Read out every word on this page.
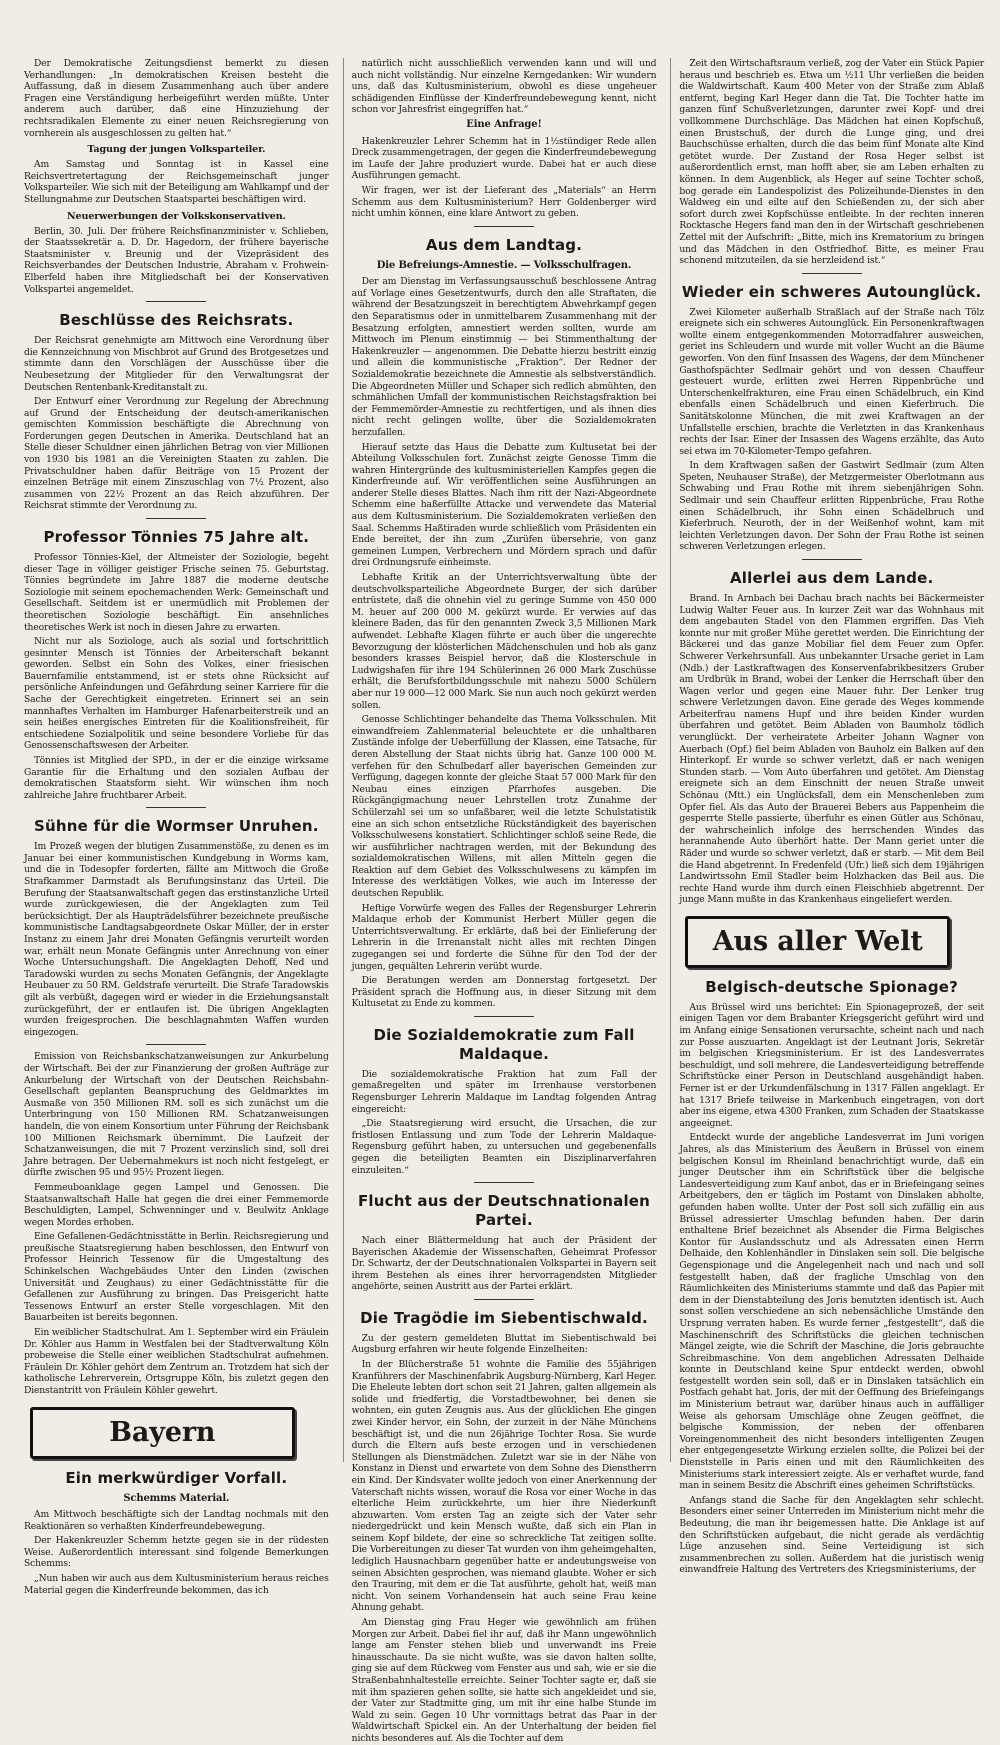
Der Demokratische Zeitungsdienst bemerkt zu diesen Verhandlungen: „In demokratischen Kreisen besteht die Auffassung, daß in diesem Zusammenhang auch über andere Fragen eine Verständigung herbeigeführt werden müßte. Unter anderem auch darüber, daß eine Hinzuziehung der rechtsradikalen Elemente zu einer neuen Reichsregierung von vornherein als ausgeschlossen zu gelten hat.“

Tagung der jungen Volksparteiler.

Am Samstag und Sonntag ist in Kassel eine Reichsvertretertagung der Reichsgemeinschaft junger Volksparteiler. Wie sich mit der Beteiligung am Wahlkampf und der Stellungnahme zur Deutschen Staatspartei beschäftigen wird.

Neuerwerbungen der Volkskonservativen.

Berlin, 30. Juli. Der frühere Reichsfinanzminister v. Schlieben, der Staatssekretär a. D. Dr. Hagedorn, der frühere bayerische Staatsminister v. Breunig und der Vizepräsident des Reichsverbandes der Deutschen Industrie, Abraham v. Frohwein-Elberfeld haben ihre Mitgliedschaft bei der Konservativen Volkspartei angemeldet.

Beschlüsse des Reichsrats.

Der Reichsrat genehmigte am Mittwoch eine Verordnung über die Kennzeichnung von Mischbrot auf Grund des Brotgesetzes und stimmte dann den Vorschlägen der Ausschüsse über die Neubesetzung der Mitglieder für den Verwaltungsrat der Deutschen Rentenbank-Kreditanstalt zu.

Der Entwurf einer Verordnung zur Regelung der Abrechnung auf Grund der Entscheidung der deutsch-amerikanischen gemischten Kommission beschäftigte die Abrechnung von Forderungen gegen Deutschen in Amerika. Deutschland hat an Stelle dieser Schuldner einen jährlichen Betrag von vier Millionen von 1930 bis 1981 an die Vereinigten Staaten zu zahlen. Die Privatschuldner haben dafür Beiträge von 15 Prozent der einzelnen Beträge mit einem Zinszuschlag von 7½ Prozent, also zusammen von 22½ Prozent an das Reich abzuführen. Der Reichsrat stimmte der Verordnung zu.

Professor Tönnies 75 Jahre alt.

Professor Tönnies-Kiel, der Altmeister der Soziologie, begeht dieser Tage in völliger geistiger Frische seinen 75. Geburtstag. Tönnies begründete im Jahre 1887 die moderne deutsche Soziologie mit seinem epochemachenden Werk: Gemeinschaft und Gesellschaft. Seitdem ist er unermüdlich mit Problemen der theoretischen Soziologie beschäftigt. Ein ansehnliches theoretisches Werk ist noch in diesen Jahre zu erwarten.

Nicht nur als Soziologe, auch als sozial und fortschrittlich gesinnter Mensch ist Tönnies der Arbeiterschaft bekannt geworden. Selbst ein Sohn des Volkes, einer friesischen Bauernfamilie entstammend, ist er stets ohne Rücksicht auf persönliche Anfeindungen und Gefährdung seiner Karriere für die Sache der Gerechtigkeit eingetreten. Erinnert sei an sein mannhaftes Verhalten im Hamburger Hafenarbeiterstreik und an sein heißes energisches Eintreten für die Koalitionsfreiheit, für entschiedene Sozialpolitik und seine besondere Vorliebe für das Genossenschaftswesen der Arbeiter.

Tönnies ist Mitglied der SPD., in der er die einzige wirksame Garantie für die Erhaltung und den sozialen Aufbau der demokratischen Staatsform sieht. Wir wünschen ihm noch zahlreiche Jahre fruchtbarer Arbeit.

Sühne für die Wormser Unruhen.

Im Prozeß wegen der blutigen Zusammenstöße, zu denen es im Januar bei einer kommunistischen Kundgebung in Worms kam, und die in Todesopfer forderten, fällte am Mittwoch die Große Strafkammer Darmstadt als Berufungsinstanz das Urteil. Die Berufung der Staatsanwaltschaft gegen das erstinstanzliche Urteil wurde zurückgewiesen, die der Angeklagten zum Teil berücksichtigt. Der als Haupträdelsführer bezeichnete preußische kommunistische Landtagsabgeordnete Oskar Müller, der in erster Instanz zu einem Jahr drei Monaten Gefängnis verurteilt worden war, erhält neun Monate Gefängnis unter Anrechnung von einer Woche Untersuchungshaft. Die Angeklagten Dehoff, Ned und Taradowski wurden zu sechs Monaten Gefängnis, der Angeklagte Heubauer zu 50 RM. Geldstrafe verurteilt. Die Strafe Taradowskis gilt als verbüßt, dagegen wird er wieder in die Erziehungsanstalt zurückgeführt, der er entlaufen ist. Die übrigen Angeklagten wurden freigesprochen. Die beschlagnahmten Waffen wurden eingezogen.

Emission von Reichsbankschatzanweisungen zur Ankurbelung der Wirtschaft. Bei der zur Finanzierung der großen Aufträge zur Ankurbelung der Wirtschaft von der Deutschen Reichsbahn-Gesellschaft geplanten Beanspruchung des Geldmarktes im Ausmaße von 350 Millionen RM. soll es sich zunächst um die Unterbringung von 150 Millionen RM. Schatzanweisungen handeln, die von einem Konsortium unter Führung der Reichsbank 100 Millionen Reichsmark übernimmt. Die Laufzeit der Schatzanweisungen, die mit 7 Prozent verzinslich sind, soll drei Jahre betragen. Der Uebernahmekurs ist noch nicht festgelegt, er dürfte zwischen 95 und 95½ Prozent liegen.

Femmeuboanklage gegen Lampel und Genossen. Die Staatsanwaltschaft Halle hat gegen die drei einer Femmemorde Beschuldigten, Lampel, Schwenninger und v. Beulwitz Anklage wegen Mordes erhoben.

Eine Gefallenen-Gedächtnisstätte in Berlin. Reichsregierung und preußische Staatsregierung haben beschlossen, den Entwurf von Professor Heinrich Tessenow für die Umgestaltung des Schinkelschen Wachgebäudes Unter den Linden (zwischen Universität und Zeughaus) zu einer Gedächtnisstätte für die Gefallenen zur Ausführung zu bringen. Das Preisgericht hatte Tessenows Entwurf an erster Stelle vorgeschlagen. Mit den Bauarbeiten ist bereits begonnen.

Ein weiblicher Stadtschulrat. Am 1. September wird ein Fräulein Dr. Köhler aus Hamm in Westfalen bei der Stadtverwaltung Köln probeweise die Stelle einer weiblichen Stadtschulrat aufnehmen. Fräulein Dr. Köhler gehört dem Zentrum an. Trotzdem hat sich der katholische Lehrerverein, Ortsgruppe Köln, bis zuletzt gegen den Dienstantritt von Fräulein Köhler gewehrt.

Bayern
Ein merkwürdiger Vorfall.
Schemms Material.

Am Mittwoch beschäftigte sich der Landtag nochmals mit den Reaktionären so verhaßten Kinderfreundebewegung.

Der Hakenkreuzler Schemm hetzte gegen sie in der rüdesten Weise. Außerordentlich interessant sind folgende Bemerkungen Schemms:

„Nun haben wir auch aus dem Kultusministerium heraus reiches Material gegen die Kinderfreunde bekommen, das ich

natürlich nicht ausschließlich verwenden kann und will und auch nicht vollständig. Nur einzelne Kerngedanken: Wir wundern uns, daß das Kultusministerium, obwohl es diese ungeheuer schädigenden Einflüsse der Kinderfreundebewegung kennt, nicht schon vor Jahresfrist eingegriffen hat.“

Eine Anfrage!

Hakenkreuzler Lehrer Schemm hat in 1½stündiger Rede allen Dreck zusammengetragen, der gegen die Kinderfreundebewegung im Laufe der Jahre produziert wurde. Dabei hat er auch diese Ausführungen gemacht.

Wir fragen, wer ist der Lieferant des „Materials“ an Herrn Schemm aus dem Kultusministerium? Herr Goldenberger wird nicht umhin können, eine klare Antwort zu geben.

Aus dem Landtag.
Die Befreiungs-Amnestie. — Volksschulfragen.

Der am Dienstag im Verfassungsausschuß beschlossene Antrag auf Vorlage eines Gesetzentwurfs, durch den alle Straftaten, die während der Besatzungszeit in berechtigtem Abwehrkampf gegen den Separatismus oder in unmittelbarem Zusammenhang mit der Besatzung erfolgten, amnestiert werden sollten, wurde am Mittwoch im Plenum einstimmig — bei Stimmenthaltung der Hakenkreuzler — angenommen. Die Debatte hierzu bestritt einzig und allein die kommunistische „Fraktion“. Der Redner der Sozialdemokratie bezeichnete die Amnestie als selbstverständlich. Die Abgeordneten Müller und Schaper sich redlich abmühten, den schmählichen Umfall der kommunistischen Reichstagsfraktion bei der Femmemörder-Amnestie zu rechtfertigen, und als ihnen dies nicht recht gelingen wollte, über die Sozialdemokraten herzufallen.

Hierauf setzte das Haus die Debatte zum Kultusetat bei der Abteilung Volksschulen fort. Zunächst zeigte Genosse Timm die wahren Hintergründe des kultusministeriellen Kampfes gegen die Kinderfreunde auf. Wir veröffentlichen seine Ausführungen an anderer Stelle dieses Blattes. Nach ihm ritt der Nazi-Abgeordnete Schemm eine haßerfüllte Attacke und verwendete das Material aus dem Kultusministerium. Die Sozialdemokraten verließen den Saal. Schemms Haßtiraden wurde schließlich vom Präsidenten ein Ende bereitet, der ihn zum „Zurüfen übersehrie, von ganz gemeinen Lumpen, Verbrechern und Mördern sprach und dafür drei Ordnungsrufe einheimste.

Lebhafte Kritik an der Unterrichtsverwaltung übte der deutschvolksparteiliche Abgeordnete Burger, der sich darüber entrüstete, daß die ohnehin viel zu geringe Summe von 450 000 M. heuer auf 200 000 M. gekürzt wurde. Er verwies auf das kleinere Baden, das für den genannten Zweck 3,5 Millionen Mark aufwendet. Lebhafte Klagen führte er auch über die ungerechte Bevorzugung der klösterlichen Mädchenschulen und hob als ganz besonders krasses Beispiel hervor, daß die Klosterschule in Ludwigshafen für ihre 194 Schülerinnen 26 000 Mark Zuschüsse erhält, die Berufsfortbildungsschule mit nahezu 5000 Schülern aber nur 19 000—12 000 Mark. Sie nun auch noch gekürzt werden sollen.

Genosse Schlichtinger behandelte das Thema Volksschulen. Mit einwandfreiem Zahlenmaterial beleuchtete er die unhaltbaren Zustände infolge der Ueberfüllung der Klassen, eine Tatsache, für deren Abstellung der Staat nichts übrig hat. Ganze 100 000 M. verfehen für den Schulbedarf aller bayerischen Gemeinden zur Verfügung, dagegen konnte der gleiche Staat 57 000 Mark für den Neubau eines einzigen Pfarrhofes ausgeben. Die Rückgängigmachung neuer Lehrstellen trotz Zunahme der Schülerzahl sei um so unfaßbarer, weil die letzte Schulstatistik eine an sich schon entsetzliche Rückständigkeit des bayerischen Volksschulwesens konstatiert. Schlichtinger schloß seine Rede, die wir ausführlicher nachtragen werden, mit der Bekundung des sozialdemokratischen Willens, mit allen Mitteln gegen die Reaktion auf dem Gebiet des Volksschulwesens zu kämpfen im Interesse des werktätigen Volkes, wie auch im Interesse der deutschen Republik.

Heftige Vorwürfe wegen des Falles der Regensburger Lehrerin Maldaque erhob der Kommunist Herbert Müller gegen die Unterrichtsverwaltung. Er erklärte, daß bei der Einlieferung der Lehrerin in die Irrenanstalt nicht alles mit rechten Dingen zugegangen sei und forderte die Sühne für den Tod der der jungen, gequälten Lehrerin verübt wurde.

Die Beratungen werden am Donnerstag fortgesetzt. Der Präsident sprach die Hoffnung aus, in dieser Sitzung mit dem Kultusetat zu Ende zu kommen.

Die Sozialdemokratie zum Fall Maldaque.

Die sozialdemokratische Fraktion hat zum Fall der gemaßregelten und später im Irrenhause verstorbenen Regensburger Lehrerin Maldaque im Landtag folgenden Antrag eingereicht:

„Die Staatsregierung wird ersucht, die Ursachen, die zur fristlosen Entlassung und zum Tode der Lehrerin Maldaque-Regensburg geführt haben, zu untersuchen und gegebenenfalls gegen die beteiligten Beamten ein Disziplinarverfahren einzuleiten.“

Flucht aus der Deutschnationalen Partei.

Nach einer Blättermeldung hat auch der Präsident der Bayerischen Akademie der Wissenschaften, Geheimrat Professor Dr. Schwartz, der der Deutschnationalen Volkspartei in Bayern seit ihrem Bestehen als eines ihrer hervorragendsten Mitglieder angehörte, seinen Austritt aus der Partei erklärt.

Die Tragödie im Siebentischwald.

Zu der gestern gemeldeten Bluttat im Siebentischwald bei Augsburg erfahren wir heute folgende Einzelheiten:

In der Blücherstraße 51 wohnte die Familie des 55jährigen Kranführers der Maschinenfabrik Augsburg-Nürnberg, Karl Heger. Die Eheleute lebten dort schon seit 21 Jahren, galten allgemein als solide und friedfertig, die Vorstadtbewohner, bei denen sie wohnten, ein guten Zeugnis aus. Aus der glücklichen Ehe gingen zwei Kinder hervor, ein Sohn, der zurzeit in der Nähe Münchens beschäftigt ist, und die nun 26jährige Tochter Rosa. Sie wurde durch die Eltern aufs beste erzogen und in verschiedenen Stellungen als Dienstmädchen. Zuletzt war sie in der Nähe von Konstanz in Dienst und erwartete von dem Sohne des Dienstherrn ein Kind. Der Kindsvater wollte jedoch von einer Anerkennung der Vaterschaft nichts wissen, worauf die Rosa vor einer Woche in das elterliche Heim zurückkehrte, um hier ihre Niederkunft abzuwarten. Vom ersten Tag an zeigte sich der Vater sehr niedergedrückt und kein Mensch wußte, daß sich ein Plan in seinem Kopf bildete, der eine so schreckliche Tat zeitigen sollte. Die Vorbereitungen zu dieser Tat wurden von ihm geheimgehalten, lediglich Hausnachbarn gegenüber hatte er andeutungsweise von seinen Absichten gesprochen, was niemand glaubte. Woher er sich den Trauring, mit dem er die Tat ausführte, geholt hat, weiß man nicht. Von seinem Vorhandensein hat auch seine Frau keine Ahnung gehabt.

Am Dienstag ging Frau Heger wie gewöhnlich am frühen Morgen zur Arbeit. Dabei fiel ihr auf, daß ihr Mann ungewöhnlich lange am Fenster stehen blieb und unverwandt ins Freie hinausschaute. Da sie nicht wußte, was sie davon halten sollte, ging sie auf dem Rückweg vom Fenster aus und sah, wie er sie die Straßenbahnhaltestelle erreichte. Seiner Tochter sagte er, daß sie mit ihm spazieren gehen sollte, sie hatte sich angekleidet und sie, der Vater zur Stadtmitte ging, um mit ihr eine halbe Stunde im Wald zu sein. Gegen 10 Uhr vormittags betrat das Paar in der Waldwirtschaft Spickel ein. An der Unterhaltung der beiden fiel nichts besonderes auf. Als die Tochter auf dem

Zeit den Wirtschaftsraum verließ, zog der Vater ein Stück Papier heraus und beschrieb es. Etwa um ½11 Uhr verließen die beiden die Waldwirtschaft. Kaum 400 Meter von der Straße zum Ablaß entfernt, beging Karl Heger dann die Tat. Die Tochter hatte im ganzen fünf Schußverletzungen, darunter zwei Kopf- und drei vollkommene Durchschläge. Das Mädchen hat einen Kopfschuß, einen Brustschuß, der durch die Lunge ging, und drei Bauchschüsse erhalten, durch die das beim fünf Monate alte Kind getötet wurde. Der Zustand der Rosa Heger selbst ist außerordentlich ernst, man hofft aber, sie am Leben erhalten zu können. In dem Augenblick, als Heger auf seine Tochter schoß, bog gerade ein Landespolizist des Polizeihunde-Dienstes in den Waldweg ein und eilte auf den Schießenden zu, der sich aber sofort durch zwei Kopfschüsse entleibte. In der rechten inneren Rocktasche Hegers fand man den in der Wirtschaft geschriebenen Zettel mit der Aufschrift: „Bitte, mich ins Krematorium zu bringen und das Mädchen in den Ostfriedhof. Bitte, es meiner Frau schonend mitzuteilen, da sie herzleidend ist.“

Wieder ein schweres Autounglück.

Zwei Kilometer außerhalb Straßlach auf der Straße nach Tölz ereignete sich ein schweres Autounglück. Ein Personenkraftwagen wollte einem entgegenkommenden Motorradfahrer ausweichen, geriet ins Schleudern und wurde mit voller Wucht an die Bäume geworfen. Von den fünf Insassen des Wagens, der dem Münchener Gasthofspächter Sedlmair gehört und von dessen Chauffeur gesteuert wurde, erlitten zwei Herren Rippenbrüche und Unterschenkelfrakturen, eine Frau einen Schädelbruch, ein Kind ebenfalls einen Schädelbruch und einen Kieferbruch. Die Sanitätskolonne München, die mit zwei Kraftwagen an der Unfallstelle erschien, brachte die Verletzten in das Krankenhaus rechts der Isar. Einer der Insassen des Wagens erzählte, das Auto sei etwa im 70-Kilometer-Tempo gefahren.

In dem Kraftwagen saßen der Gastwirt Sedlmair (zum Alten Speten, Neuhauser Straße), der Metzgermeister Oberlotmann aus Schwabing und Frau Rothe mit ihrem siebenjährigen Sohn. Sedlmair und sein Chauffeur erlitten Rippenbrüche, Frau Rothe einen Schädelbruch, ihr Sohn einen Schädelbruch und Kieferbruch. Neuroth, der in der Weißenhof wohnt, kam mit leichten Verletzungen davon. Der Sohn der Frau Rothe ist seinen schweren Verletzungen erlegen.

Allerlei aus dem Lande.

Brand. In Arnbach bei Dachau brach nachts bei Bäckermeister Ludwig Walter Feuer aus. In kurzer Zeit war das Wohnhaus mit dem angebauten Stadel von den Flammen ergriffen. Das Vieh konnte nur mit großer Mühe gerettet werden. Die Einrichtung der Bäckerei und das ganze Mobiliar fiel dem Feuer zum Opfer. Schwerer Verkehrsunfall. Aus unbekannter Ursache geriet in Lam (Ndb.) der Lastkraftwagen des Konservenfabrikbesitzers Gruber am Urdbrük in Brand, wobei der Lenker die Herrschaft über den Wagen verlor und gegen eine Mauer fuhr. Der Lenker trug schwere Verletzungen davon. Eine gerade des Weges kommende Arbeiterfrau namens Hupf und ihre beiden Kinder wurden überfahren und getötet. Beim Abladen von Baumholz tödlich verunglückt. Der verheiratete Arbeiter Johann Wagner von Auerbach (Opf.) fiel beim Abladen von Bauholz ein Balken auf den Hinterkopf. Er wurde so schwer verletzt, daß er nach wenigen Stunden starb. — Vom Auto überfahren und getötet. Am Dienstag ereignete sich an dem Einschnitt der neuen Straße unweit Schönau (Mtt.) ein Unglücksfall, dem ein Menschenleben zum Opfer fiel. Als das Auto der Brauerei Bebers aus Pappenheim die gesperrte Stelle passierte, überfuhr es einen Gütler aus Schönau, der wahrscheinlich infolge des herrschenden Windes das herannahende Auto überhört hatte. Der Mann geriet unter die Räder und wurde so schwer verletzt, daß er starb. — Mit dem Beil die Hand abgetrennt. In Fredenfeld (Ufr.) ließ sich dem 19jährigen Landwirtssohn Emil Stadler beim Holzhacken das Beil aus. Die rechte Hand wurde ihm durch einen Fleischhieb abgetrennt. Der junge Mann mußte in das Krankenhaus eingeliefert werden.

Aus aller Welt
Belgisch-deutsche Spionage?

Aus Brüssel wird uns berichtet: Ein Spionageprozeß, der seit einigen Tagen vor dem Brabanter Kriegsgericht geführt wird und im Anfang einige Sensationen verursachte, scheint nach und nach zur Posse auszuarten. Angeklagt ist der Leutnant Joris, Sekretär im belgischen Kriegsministerium. Er ist des Landesverrates beschuldigt, und soll mehrere, die Landesverteidigung betreffende Schriftstücke einer Person in Deutschland ausgehändigt haben. Ferner ist er der Urkundenfälschung in 1317 Fällen angeklagt. Er hat 1317 Briefe teilweise in Markenbuch eingetragen, von dort aber ins eigene, etwa 4300 Franken, zum Schaden der Staatskasse angeeignet.

Entdeckt wurde der angebliche Landesverrat im Juni vorigen Jahres, als das Ministerium des Äeußern in Brüssel von einem belgischen Konsul im Rheinland benachrichtigt wurde, daß ein junger Deutscher ihm ein Schriftstück über die belgische Landesverteidigung zum Kauf anbot, das er in Briefeingang seines Arbeitgebers, den er täglich im Postamt von Dinslaken abholte, gefunden haben wollte. Unter der Post soll sich zufällig ein aus Brüssel adressierter Umschlag befunden haben. Der darin enthaltene Brief bezeichnet als Absender die Firma Belgisches Kontor für Auslandsschutz und als Adressaten einen Herrn Delhaide, den Kohlenhändler in Dinslaken sein soll. Die belgische Gegenspionage und die Angelegenheit nach und nach und soll festgestellt haben, daß der fragliche Umschlag von den Räumlichkeiten des Ministeriums stammte und daß das Papier mit dem in der Dienstabteilung des Joris benutzten identisch ist. Auch sonst sollen verschiedene an sich nebensächliche Umstände den Ursprung verraten haben. Es wurde ferner „festgestellt“, daß die Maschinenschrift des Schriftstücks die gleichen technischen Mängel zeigte, wie die Schrift der Maschine, die Joris gebrauchte Schreibmaschine. Von dem angeblichen Adressaten Delhaide konnte in Deutschland keine Spur entdeckt werden, obwohl festgestellt worden sein soll, daß er in Dinslaken tatsächlich ein Postfach gehabt hat. Joris, der mit der Oeffnung des Briefeingangs im Ministerium betraut war, darüber hinaus auch in auffälliger Weise als gehorsam Umschläge ohne Zeugen geöffnet, die belgische Kommission, der neben der offenbaren Voreingenommenheit des nicht besonders intelligenten Zeugen eher entgegengesetzte Wirkung erzielen sollte, die Polizei bei der Dienststelle in Paris einen und mit den Räumlichkeiten des Ministeriums stark interessiert zeigte. Als er verhaftet wurde, fand man in seinem Besitz die Abschrift eines geheimen Schriftstücks.

Anfangs stand die Sache für den Angeklagten sehr schlecht. Besonders einer seiner Unterreden im Ministerium nicht mehr die Bedeutung, die man ihr beigemessen hatte. Die Anklage ist auf den Schriftstücken aufgebaut, die nicht gerade als verdächtig Lüge anzusehen sind. Seine Verteidigung ist sich zusammenbrechen zu sollen. Außerdem hat die juristisch wenig einwandfreie Haltung des Vertreters des Kriegsministeriums, der
